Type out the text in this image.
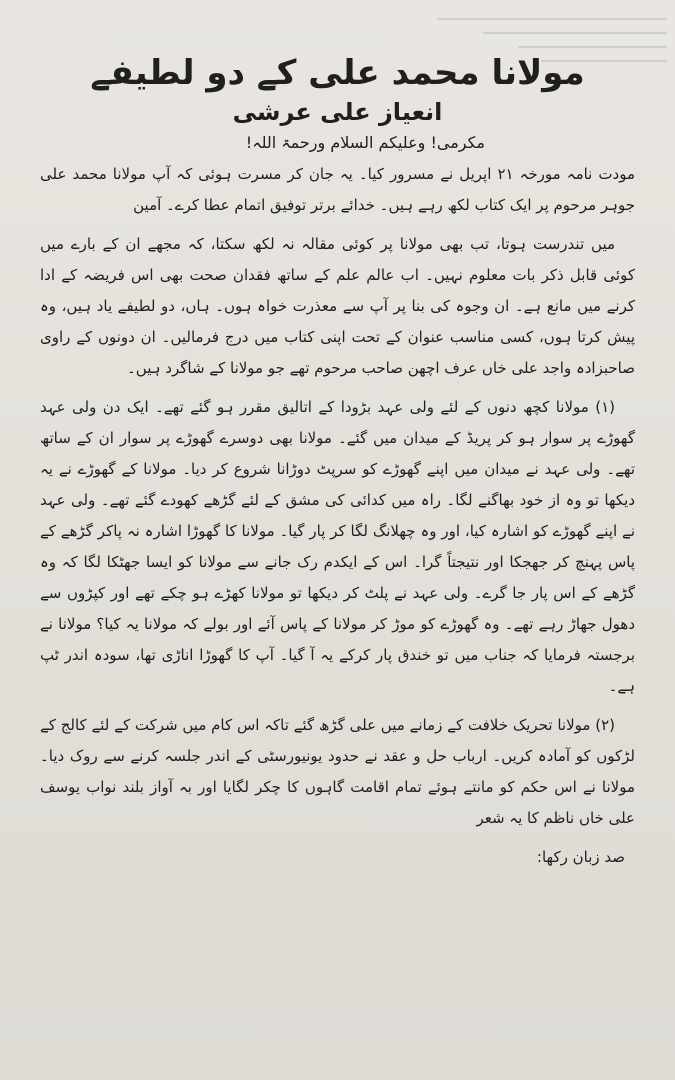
مولانا محمد علی کے دو لطیفے
انعیاز علی عرشی
مکرمی! وعلیکم السلام ورحمۃ اللہ!

مودت نامہ مورخہ ۲۱ اپریل نے مسرور کیا۔ یہ جان کر مسرت ہوئی کہ آپ مولانا محمد علی جوہر مرحوم پر ایک کتاب لکھ رہے ہیں۔ خدائے برتر توفیق اتمام عطا کرے۔ آمین

میں تندرست ہوتا، تب بھی مولانا پر کوئی مقالہ نہ لکھ سکتا، کہ مجھے ان کے بارے میں کوئی قابل ذکر بات معلوم نہیں۔ اب عالم علم کے ساتھ فقدان صحت بھی اس فریضہ کے ادا کرنے میں مانع ہے۔ ان وجوہ کی بنا پر آپ سے معذرت خواہ ہوں۔ ہاں، دو لطیفے یاد ہیں، وہ پیش کرتا ہوں، کسی مناسب عنوان کے تحت اپنی کتاب میں درج فرمالیں۔ ان دونوں کے راوی صاحبزادہ واجد علی خاں عرف اچھن صاحب مرحوم تھے جو مولانا کے شاگرد ہیں۔

(۱) مولانا کچھ دنوں کے لئے ولی عہد بڑودا کے اتالیق مقرر ہو گئے تھے۔ ایک دن ولی عہد گھوڑے پر سوار ہو کر پریڈ کے میدان میں گئے۔ مولانا بھی دوسرے گھوڑے پر سوار ان کے ساتھ تھے۔ ولی عہد نے میدان میں اپنے گھوڑے کو سرپٹ دوڑانا شروع کر دیا۔ مولانا کے گھوڑے نے یہ دیکھا تو وہ از خود بھاگنے لگا۔ راہ میں کدائی کی مشق کے لئے گڑھے کھودے گئے تھے۔ ولی عہد نے اپنے گھوڑے کو اشارہ کیا، اور وہ چھلانگ لگا کر پار گیا۔ مولانا کا گھوڑا اشارہ نہ پاکر گڑھے کے پاس پہنچ کر جھجکا اور نتیجتاً گرا۔ اس کے ایکدم رک جانے سے مولانا کو ایسا جھٹکا لگا کہ وہ گڑھے کے اس پار جا گرے۔ ولی عہد نے پلٹ کر دیکھا تو مولانا کھڑے ہو چکے تھے اور کپڑوں سے دھول جھاڑ رہے تھے۔ وہ گھوڑے کو موڑ کر مولانا کے پاس آئے اور بولے کہ مولانا یہ کیا؟ مولانا نے برجستہ فرمایا کہ جناب میں تو خندق پار کرکے یہ آ گیا۔ آپ کا گھوڑا اناڑی تھا، سودہ اندر ٹپ ہے۔

(۲) مولانا تحریک خلافت کے زمانے میں علی گڑھ گئے تاکہ اس کام میں شرکت کے لئے کالج کے لڑکوں کو آمادہ کریں۔ ارباب حل و عقد نے حدود یونیورسٹی کے اندر جلسہ کرنے سے روک دیا۔ مولانا نے اس حکم کو مانتے ہوئے تمام اقامت گاہوں کا چکر لگایا اور بہ آواز بلند نواب یوسف علی خاں ناظم کا یہ شعر

صد زبان رکھا:
